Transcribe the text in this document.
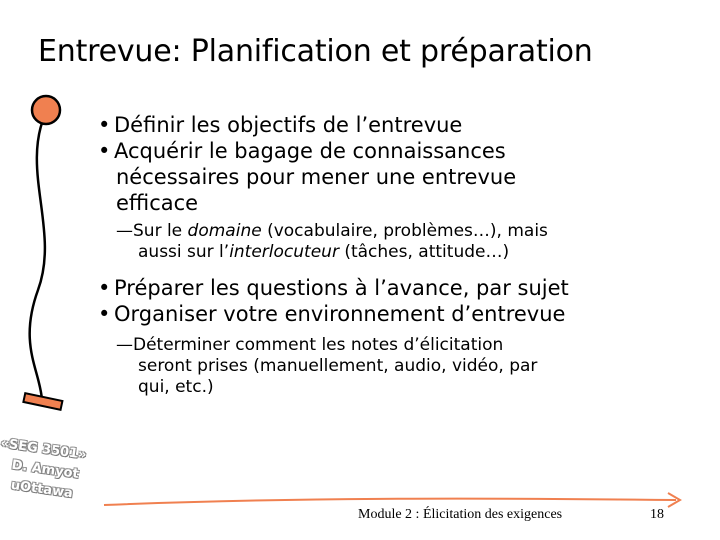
Entrevue: Planification et préparation
«SEG 3501»
D. Amyot
uOttawa
• Définir les objectifs de l’entrevue
• Acquérir le bagage de connaissances
nécessaires pour mener une entrevue
efficace
—Sur le domaine (vocabulaire, problèmes…), mais
aussi sur l’interlocuteur (tâches, attitude…)
• Préparer les questions à l’avance, par sujet
• Organiser votre environnement d’entrevue
—Déterminer comment les notes d’élicitation
seront prises (manuellement, audio, vidéo, par
qui, etc.)
Module 2 : Élicitation des exigences	18
